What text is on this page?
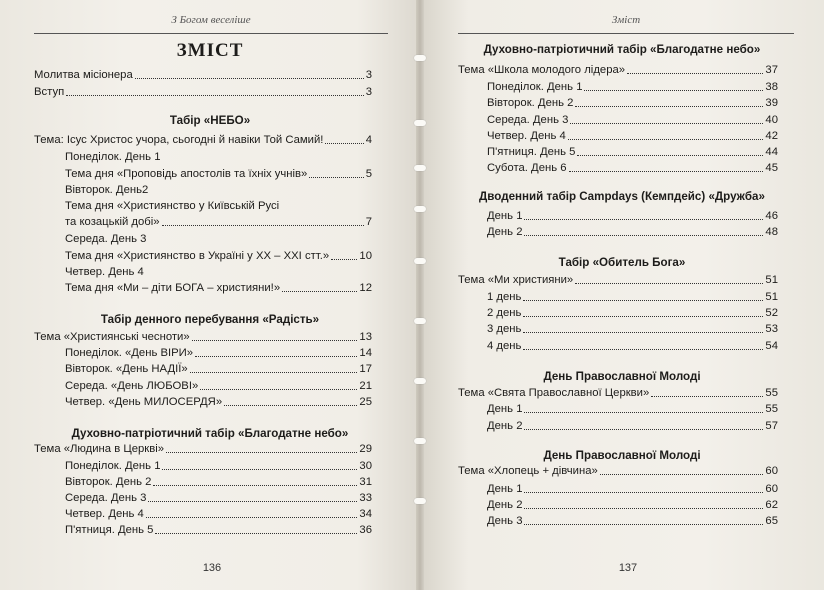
З Богом веселіше
ЗМІСТ
Молитва місіонера	3
Вступ	3
Табір «НЕБО»
Тема: Ісус Христос учора, сьогодні й навіки Той Самий!	4
Понеділок. День 1
Тема дня «Проповідь апостолів та їхніх учнів»	5
Вівторок. День2
Тема дня «Християнство у Київській Русі
та козацькій добі»	7
Середа. День 3
Тема дня «Християнство в Україні у ХХ – ХХІ стт.»	10
Четвер. День 4
Тема дня «Ми – діти БОГА – християни!»	12
Табір денного перебування «Радість»
Тема «Християнські чесноти»	13
Понеділок. «День ВІРИ»	14
Вівторок. «День НАДІЇ»	17
Середа. «День ЛЮБОВІ»	21
Четвер. «День МИЛОСЕРДЯ»	25
Духовно-патріотичний табір «Благодатне небо»
Тема «Людина в Церкві»	29
Понеділок. День 1	30
Вівторок. День 2	31
Середа. День 3	33
Четвер. День 4	34
П'ятниця. День 5	36
136
Зміст
Духовно-патріотичний табір «Благодатне небо»
Тема «Школа молодого лідера»	37
Понеділок. День 1	38
Вівторок. День 2	39
Середа. День 3	40
Четвер. День 4	42
П'ятниця. День 5	44
Субота. День 6	45
Дводенний табір Campdays (Кемпдейс) «Дружба»
День 1	46
День 2	48
Табір «Обитель Бога»
Тема «Ми християни»	51
1 день	51
2 день	52
3 день	53
4 день	54
День Православної Молоді
Тема «Свята Православної Церкви»	55
День 1	55
День 2	57
День Православної Молоді
Тема «Хлопець + дівчина»	60
День 1	60
День 2	62
День 3	65
137
